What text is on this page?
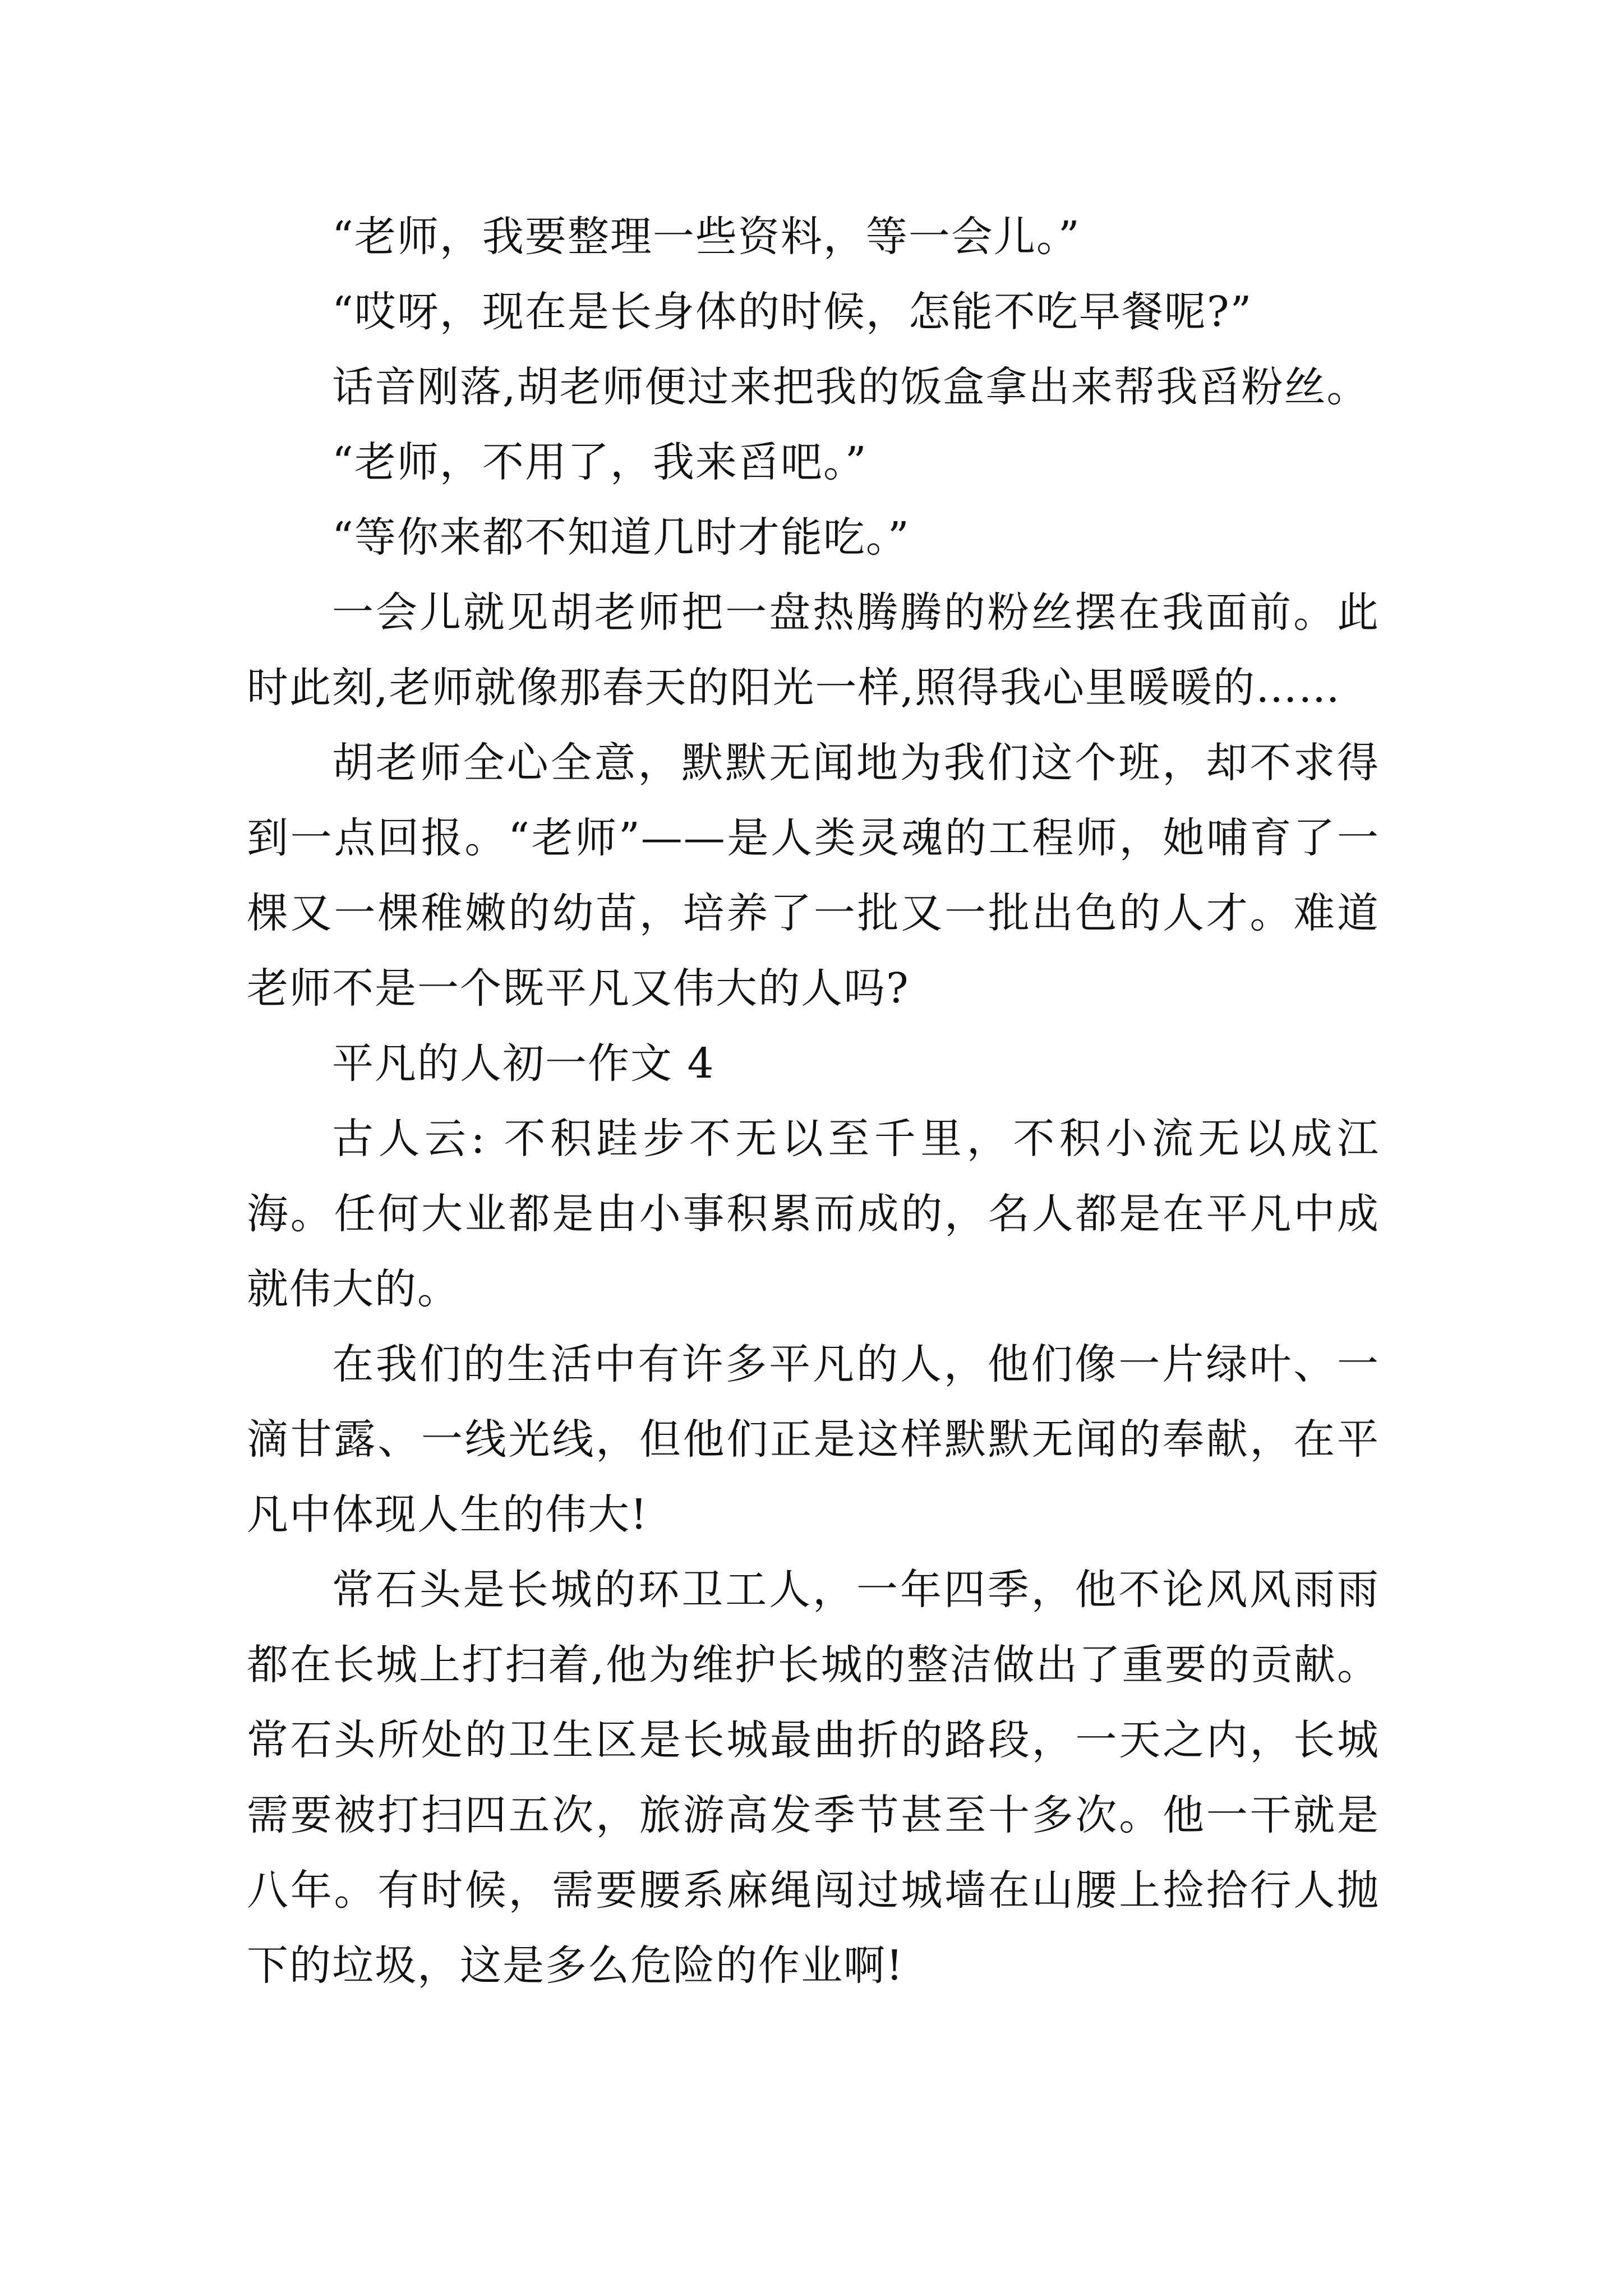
“老师，我要整理一些资料，等一会儿。”

“哎呀，现在是长身体的时候，怎能不吃早餐呢?”

话音刚落,胡老师便过来把我的饭盒拿出来帮我舀粉丝。

“老师，不用了，我来舀吧。”

“等你来都不知道几时才能吃。”

一会儿就见胡老师把一盘热腾腾的粉丝摆在我面前。此时此刻,老师就像那春天的阳光一样,照得我心里暖暖的……

胡老师全心全意，默默无闻地为我们这个班，却不求得到一点回报。“老师”——是人类灵魂的工程师，她哺育了一棵又一棵稚嫩的幼苗，培养了一批又一批出色的人才。难道老师不是一个既平凡又伟大的人吗?

平凡的人初一作文 4

古人云: 不积跬步不无以至千里，不积小流无以成江海。任何大业都是由小事积累而成的，名人都是在平凡中成就伟大的。

在我们的生活中有许多平凡的人，他们像一片绿叶、一滴甘露、一线光线，但他们正是这样默默无闻的奉献，在平凡中体现人生的伟大!

常石头是长城的环卫工人，一年四季，他不论风风雨雨都在长城上打扫着,他为维护长城的整洁做出了重要的贡献。常石头所处的卫生区是长城最曲折的路段，一天之内，长城需要被打扫四五次，旅游高发季节甚至十多次。他一干就是八年。有时候，需要腰系麻绳闯过城墙在山腰上捡拾行人抛下的垃圾，这是多么危险的作业啊!
